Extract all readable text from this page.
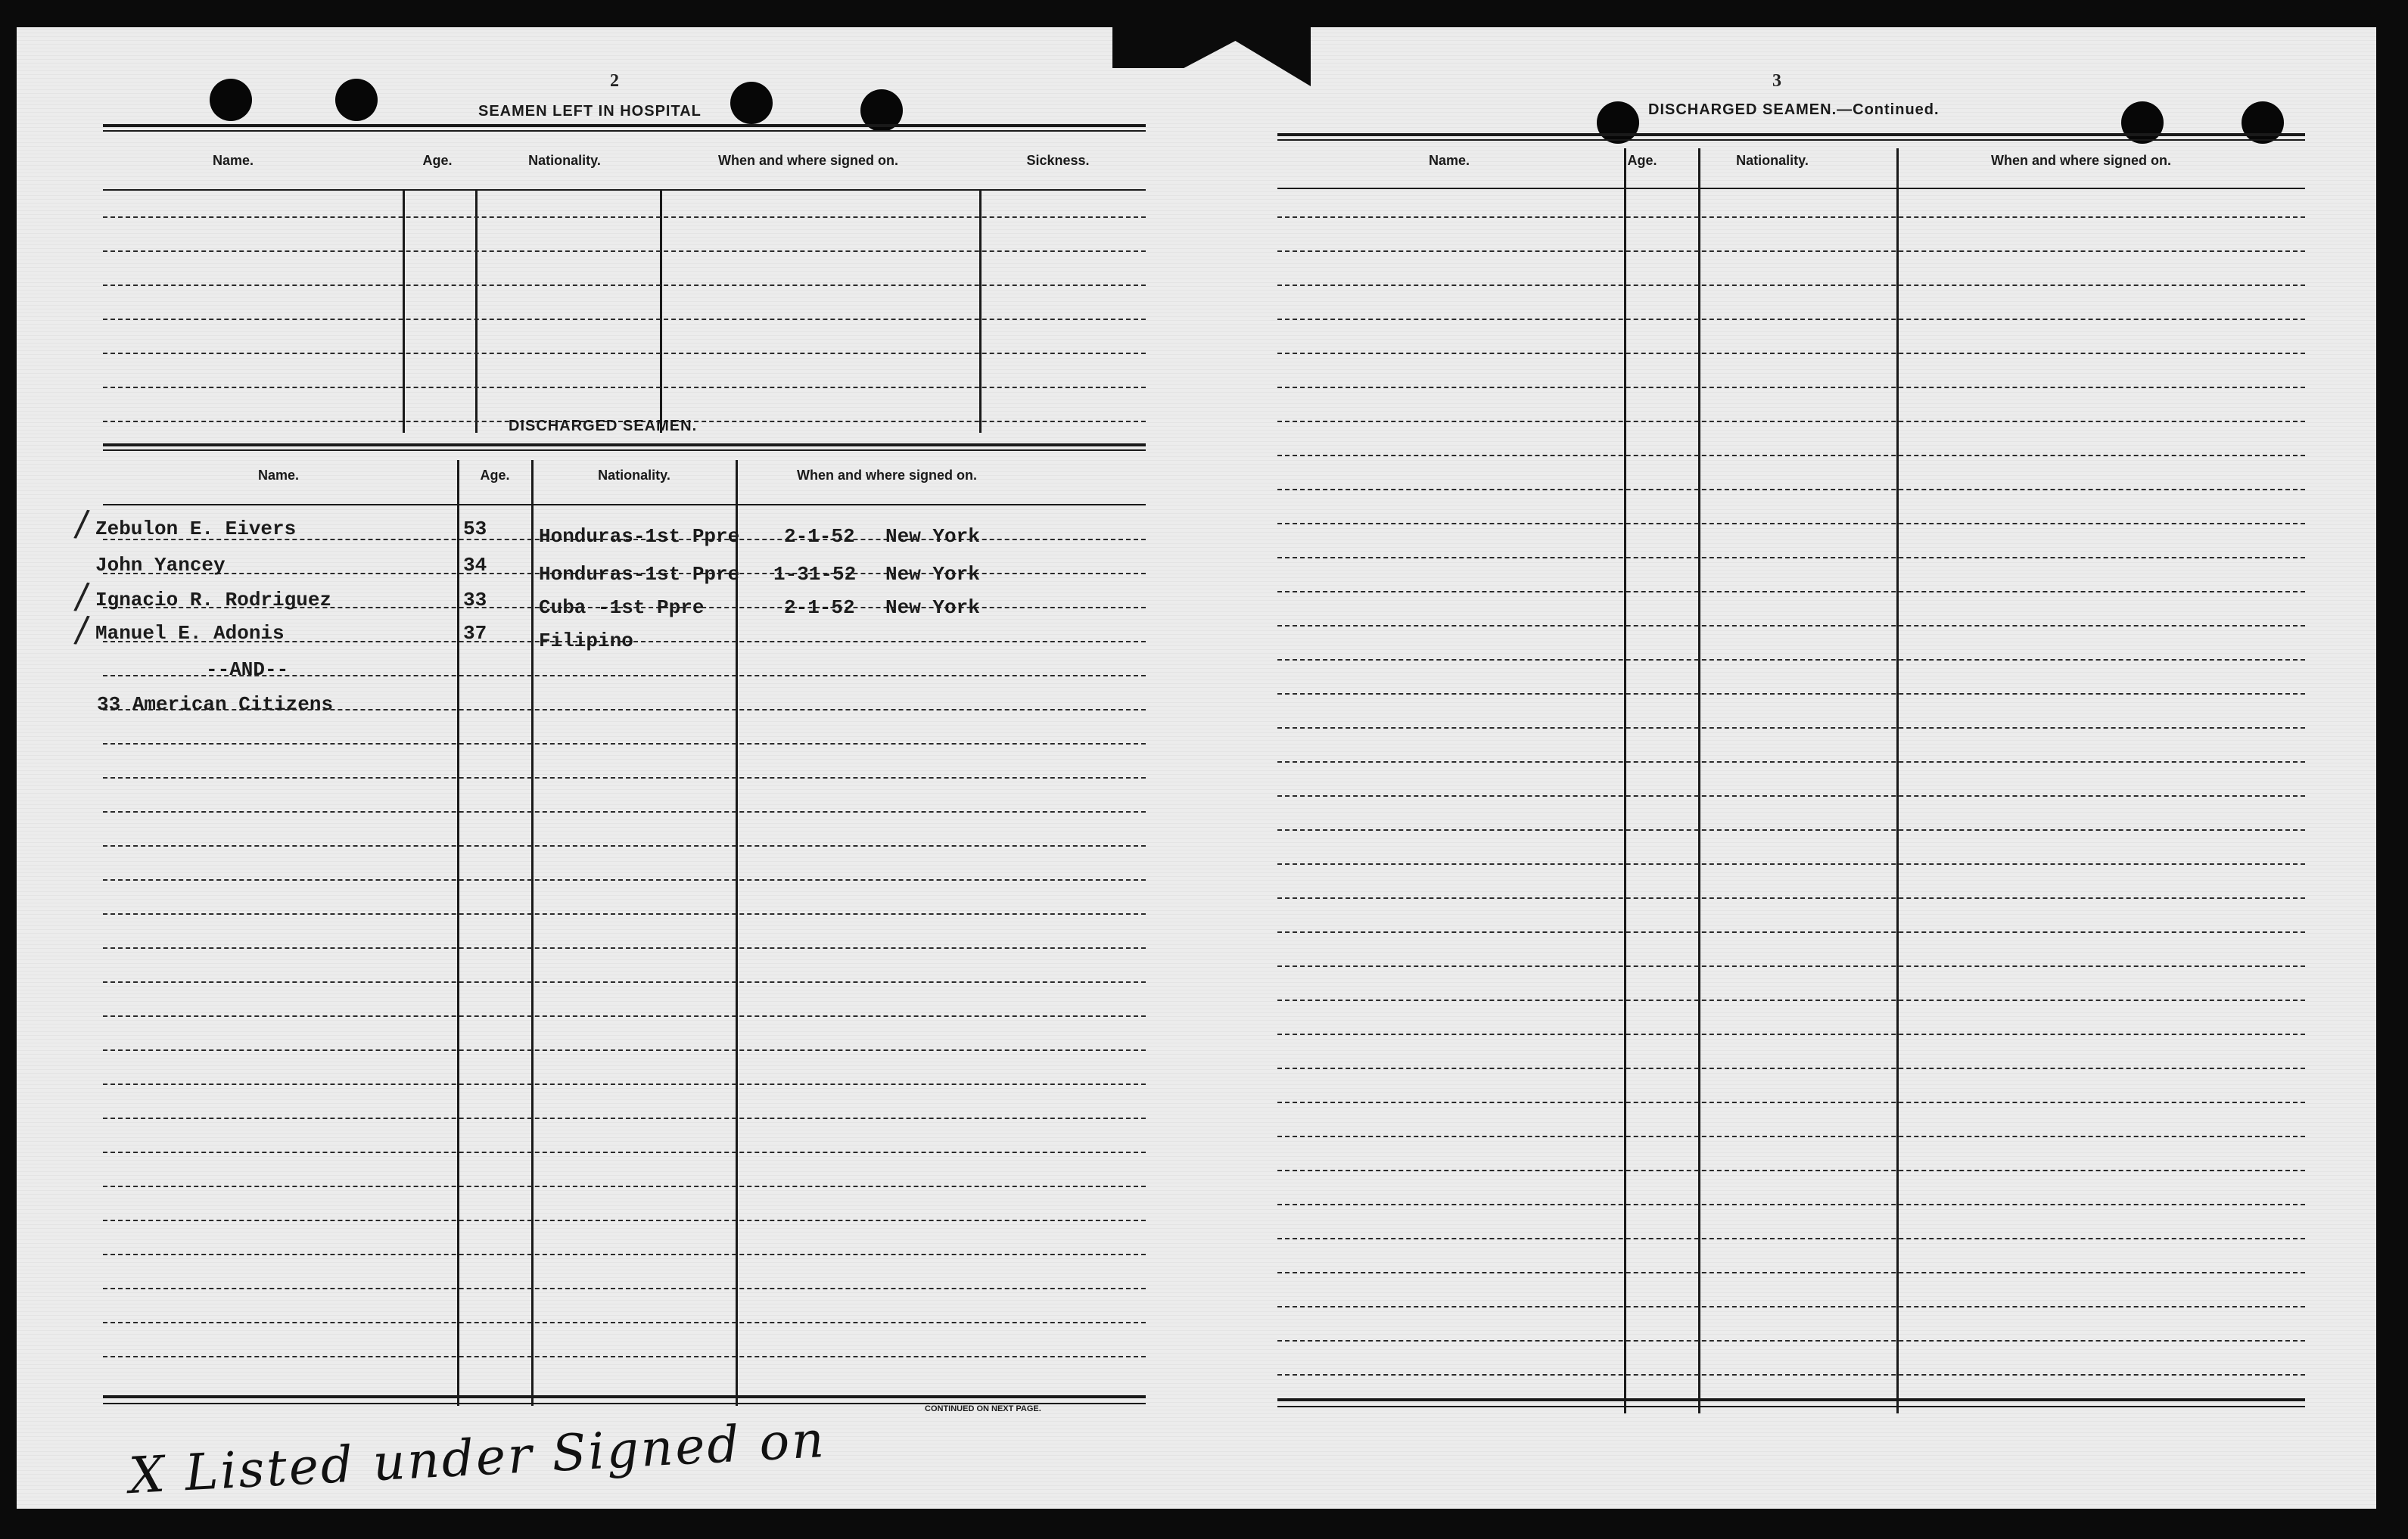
2
SEAMEN LEFT IN HOSPITAL
Name.	Age.	Nationality.	When and where signed on.	Sickness.
DISCHARGED SEAMEN.
Name.	Age.	Nationality.	When and where signed on.
/ Zebulon E. Eivers	53	Honduras-1st Ppre 2-1-52 New York
John Yancey	34	Honduras-1st Ppre 1-31-52 New York
/ Ignacio R. Rodriguez	33	Cuba -1st Ppre	2-1-52 New York
/ Manuel E. Adonis	37	Filipino
--AND--
33 American Citizens
CONTINUED ON NEXT PAGE.
3
DISCHARGED SEAMEN.—Continued.
Name.	Age.	Nationality.	When and where signed on.
X Listed under Signed on
